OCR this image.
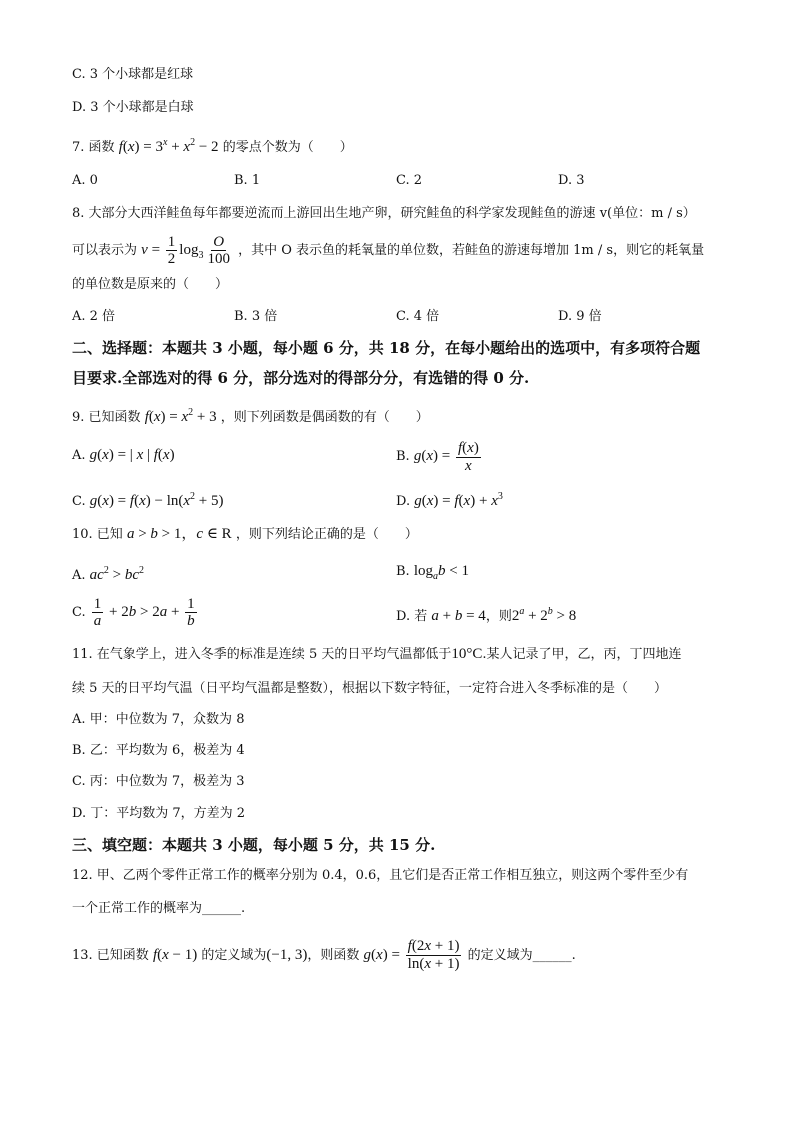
C. 3 个小球都是红球
D. 3 个小球都是白球
7. 函数 $f(x) = 3^x + x^2 - 2$ 的零点个数为（　　）
A. 0	B. 1	C. 2	D. 3
8. 大部分大西洋鲑鱼每年都要逆流而上游回出生地产卵，研究鲑鱼的科学家发现鲑鱼的游速 v(单位：m / s）
可以表示为 $v = \frac{1}{2} \log_3 \frac{O}{100}$ ，其中 O 表示鱼的耗氧量的单位数，若鲑鱼的游速每增加 1m / s，则它的耗氧量
的单位数是原来的（　　）
A. 2 倍	B. 3 倍	C. 4 倍	D. 9 倍
二、选择题：本题共 3 小题，每小题 6 分，共 18 分，在每小题给出的选项中，有多项符合题
目要求.全部选对的得 6 分，部分选对的得部分分，有选错的得 0 分.
9. 已知函数 $f(x) = x^2 + 3$ ，则下列函数是偶函数的有（　　）
A. g(x) = | x | f(x)	B. $g(x) = \frac{f(x)}{x}$
C. $g(x) = f(x) - \ln(x^2 + 5)$	D. $g(x) = f(x) + x^3$
10. 已知 a > b > 1，c ∈ R ，则下列结论正确的是（　　）
A. $ac^2 > bc^2$	B. $\log_ab < 1$
C. $\frac{1}{a} + 2b > 2a + \frac{1}{b}$	D. 若 a + b = 4，则$2^a + 2^b > 8$
11. 在气象学上，进入冬季的标准是连续 5 天的日平均气温都低于10°C.某人记录了甲，乙，丙，丁四地连
续 5 天的日平均气温（日平均气温都是整数），根据以下数字特征，一定符合进入冬季标准的是（　　）
A. 甲：中位数为 7，众数为 8
B. 乙：平均数为 6，极差为 4
C. 丙：中位数为 7，极差为 3
D. 丁：平均数为 7，方差为 2
三、填空题：本题共 3 小题，每小题 5 分，共 15 分.
12. 甲、乙两个零件正常工作的概率分别为 0.4，0.6，且它们是否正常工作相互独立，则这两个零件至少有
一个正常工作的概率为______.
13. 已知函数 f(x − 1) 的定义域为(−1, 3)，则函数 $g(x) = \frac{f(2x + 1)}{\ln(x + 1)}$ 的定义域为______.
